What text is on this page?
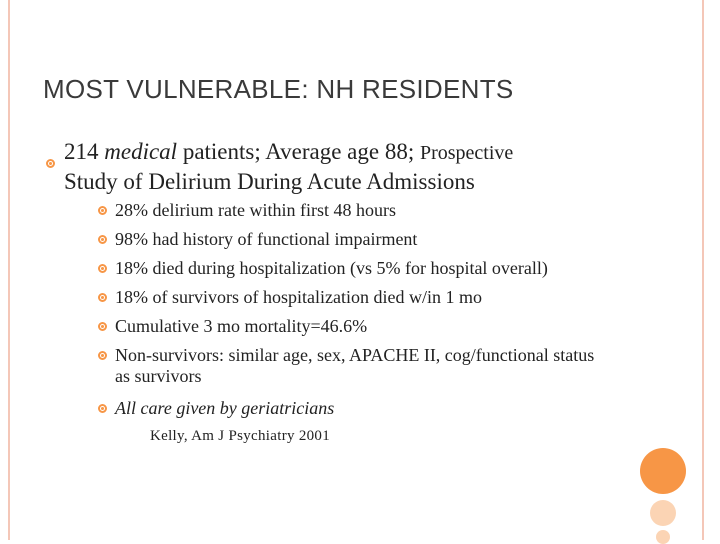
MOST VULNERABLE: NH RESIDENTS
214 medical patients; Average age 88; Prospective
Study of Delirium During Acute Admissions
28% delirium rate within first 48 hours
98% had history of functional impairment
18% died during hospitalization (vs 5% for hospital overall)
18% of survivors of hospitalization died w/in 1 mo
Cumulative 3 mo mortality=46.6%
Non-survivors: similar age, sex, APACHE II, cog/functional status as survivors
All care given by geriatricians
Kelly, Am J Psychiatry 2001
